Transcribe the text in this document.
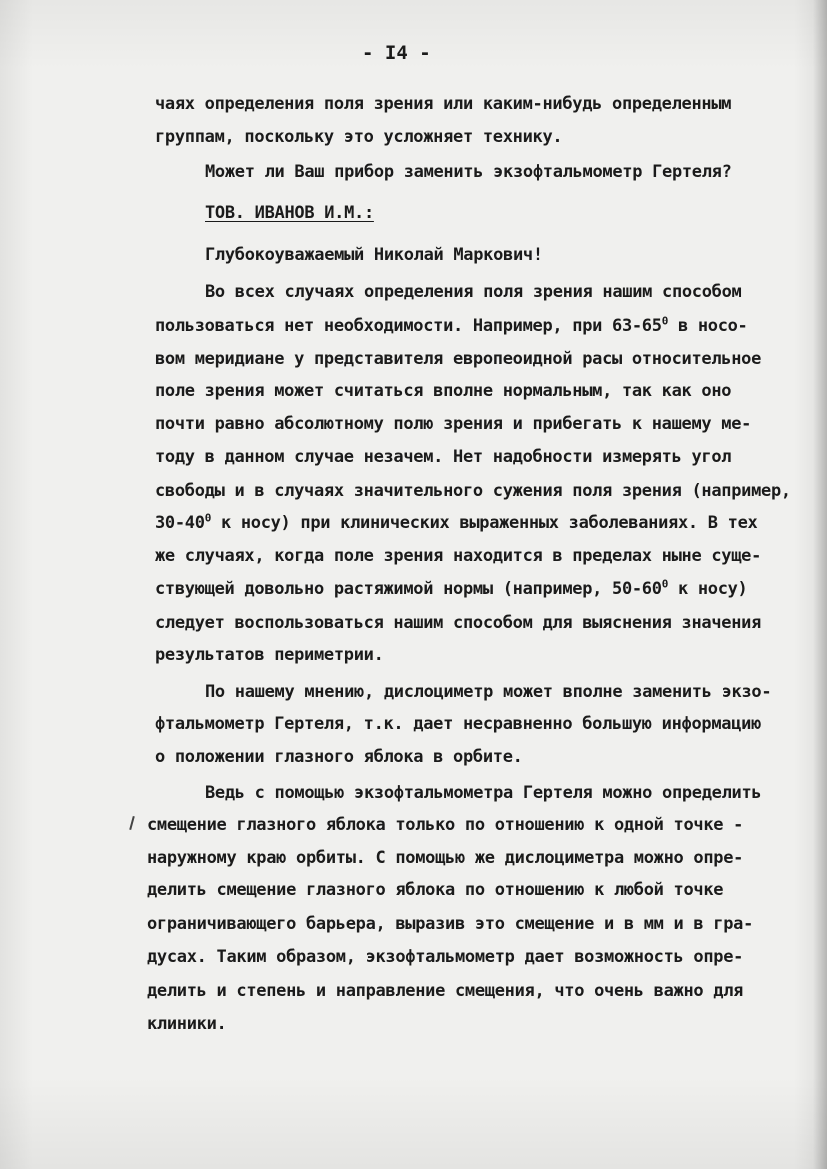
- I4 -
чаях определения поля зрения или каким-нибудь определенным
группам, поскольку это усложняет технику.
Может ли Ваш прибор заменить экзофтальмометр Гертеля?
ТОВ. ИВАНОВ И.М.:
Глубокоуважаемый Николай Маркович!
Во всех случаях определения поля зрения нашим способом
пользоваться нет необходимости. Например, при $63-65^0$ в носо-
вом меридиане у представителя европеоидной расы относительное
поле зрения может считаться вполне нормальным, так как оно
почти равно абсолютному полю зрения и прибегать к нашему ме-
тоду в данном случае незачем. Нет надобности измерять угол
свободы и в случаях значительного сужения поля зрения (например,
$30-40^0$ к носу) при клинических выраженных заболеваниях. В тех
же случаях, когда поле зрения находится в пределах ныне суще-
ствующей довольно растяжимой нормы (например, $50-60^0$ к носу)
следует воспользоваться нашим способом для выяснения значения
результатов периметрии.
По нашему мнению, дислоциметр может вполне заменить экзо-
фтальмометр Гертеля, т.к. дает несравненно большую информацию
о положении глазного яблока в орбите.
Ведь с помощью экзофтальмометра Гертеля можно определить
смещение глазного яблока только по отношению к одной точке -
наружному краю орбиты. С помощью же дислоциметра можно опре-
делить смещение глазного яблока по отношению к любой точке
ограничивающего барьера, выразив это смещение и в мм и в гра-
дусах. Таким образом, экзофтальмометр дает возможность опре-
делить и степень и направление смещения, что очень важно для
клиники.
